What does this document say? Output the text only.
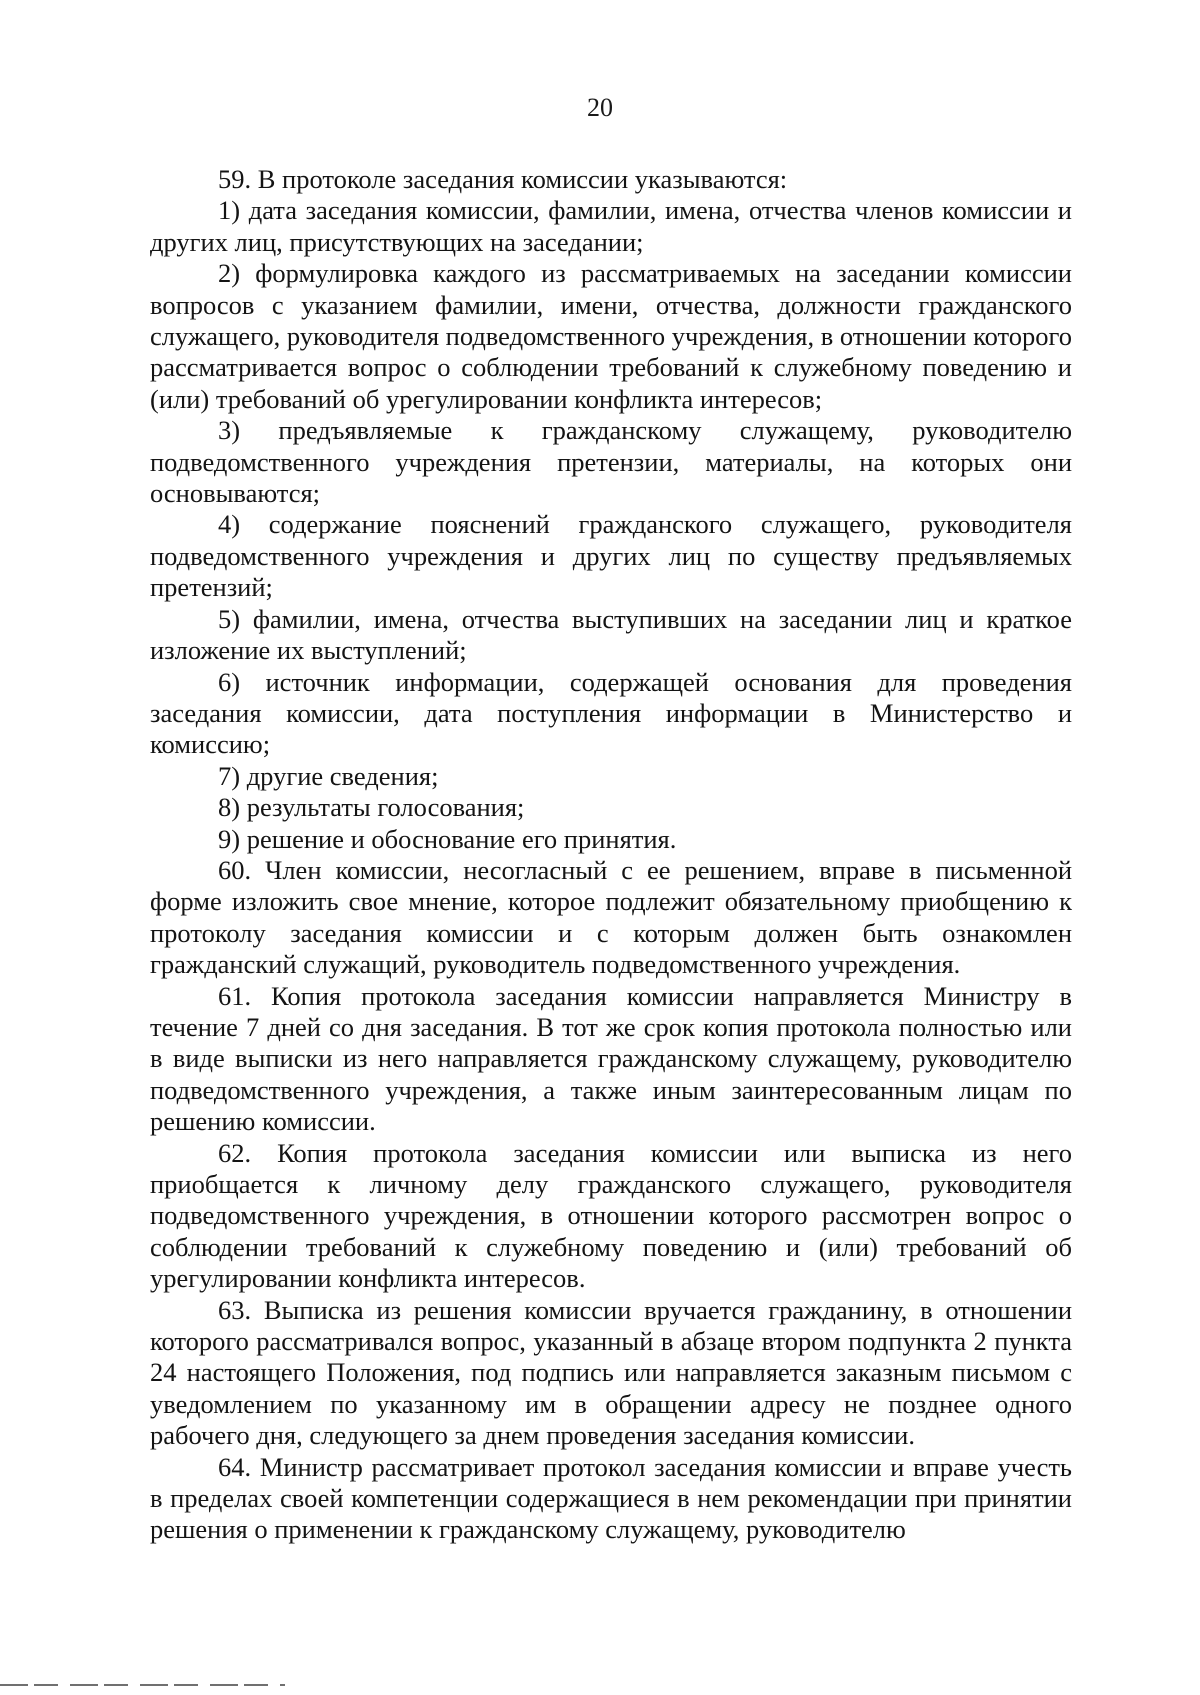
20

59. В протоколе заседания комиссии указываются:

1) дата заседания комиссии, фамилии, имена, отчества членов комиссии и других лиц, присутствующих на заседании;

2) формулировка каждого из рассматриваемых на заседании комиссии вопросов с указанием фамилии, имени, отчества, должности гражданского служащего, руководителя подведомственного учреждения, в отношении которого рассматривается вопрос о соблюдении требований к служебному поведению и (или) требований об урегулировании конфликта интересов;

3) предъявляемые к гражданскому служащему, руководителю подведомственного учреждения претензии, материалы, на которых они основываются;

4) содержание пояснений гражданского служащего, руководителя подведомственного учреждения и других лиц по существу предъявляемых претензий;

5) фамилии, имена, отчества выступивших на заседании лиц и краткое изложение их выступлений;

6) источник информации, содержащей основания для проведения заседания комиссии, дата поступления информации в Министерство и комиссию;

7) другие сведения;

8) результаты голосования;

9) решение и обоснование его принятия.

60. Член комиссии, несогласный с ее решением, вправе в письменной форме изложить свое мнение, которое подлежит обязательному приобщению к протоколу заседания комиссии и с которым должен быть ознакомлен гражданский служащий, руководитель подведомственного учреждения.

61. Копия протокола заседания комиссии направляется Министру в течение 7 дней со дня заседания. В тот же срок копия протокола полностью или в виде выписки из него направляется гражданскому служащему, руководителю подведомственного учреждения, а также иным заинтересованным лицам по решению комиссии.

62. Копия протокола заседания комиссии или выписка из него приобщается к личному делу гражданского служащего, руководителя подведомственного учреждения, в отношении которого рассмотрен вопрос о соблюдении требований к служебному поведению и (или) требований об урегулировании конфликта интересов.

63. Выписка из решения комиссии вручается гражданину, в отношении которого рассматривался вопрос, указанный в абзаце втором подпункта 2 пункта 24 настоящего Положения, под подпись или направляется заказным письмом с уведомлением по указанному им в обращении адресу не позднее одного рабочего дня, следующего за днем проведения заседания комиссии.

64. Министр рассматривает протокол заседания комиссии и вправе учесть в пределах своей компетенции содержащиеся в нем рекомендации при принятии решения о применении к гражданскому служащему, руководителю
